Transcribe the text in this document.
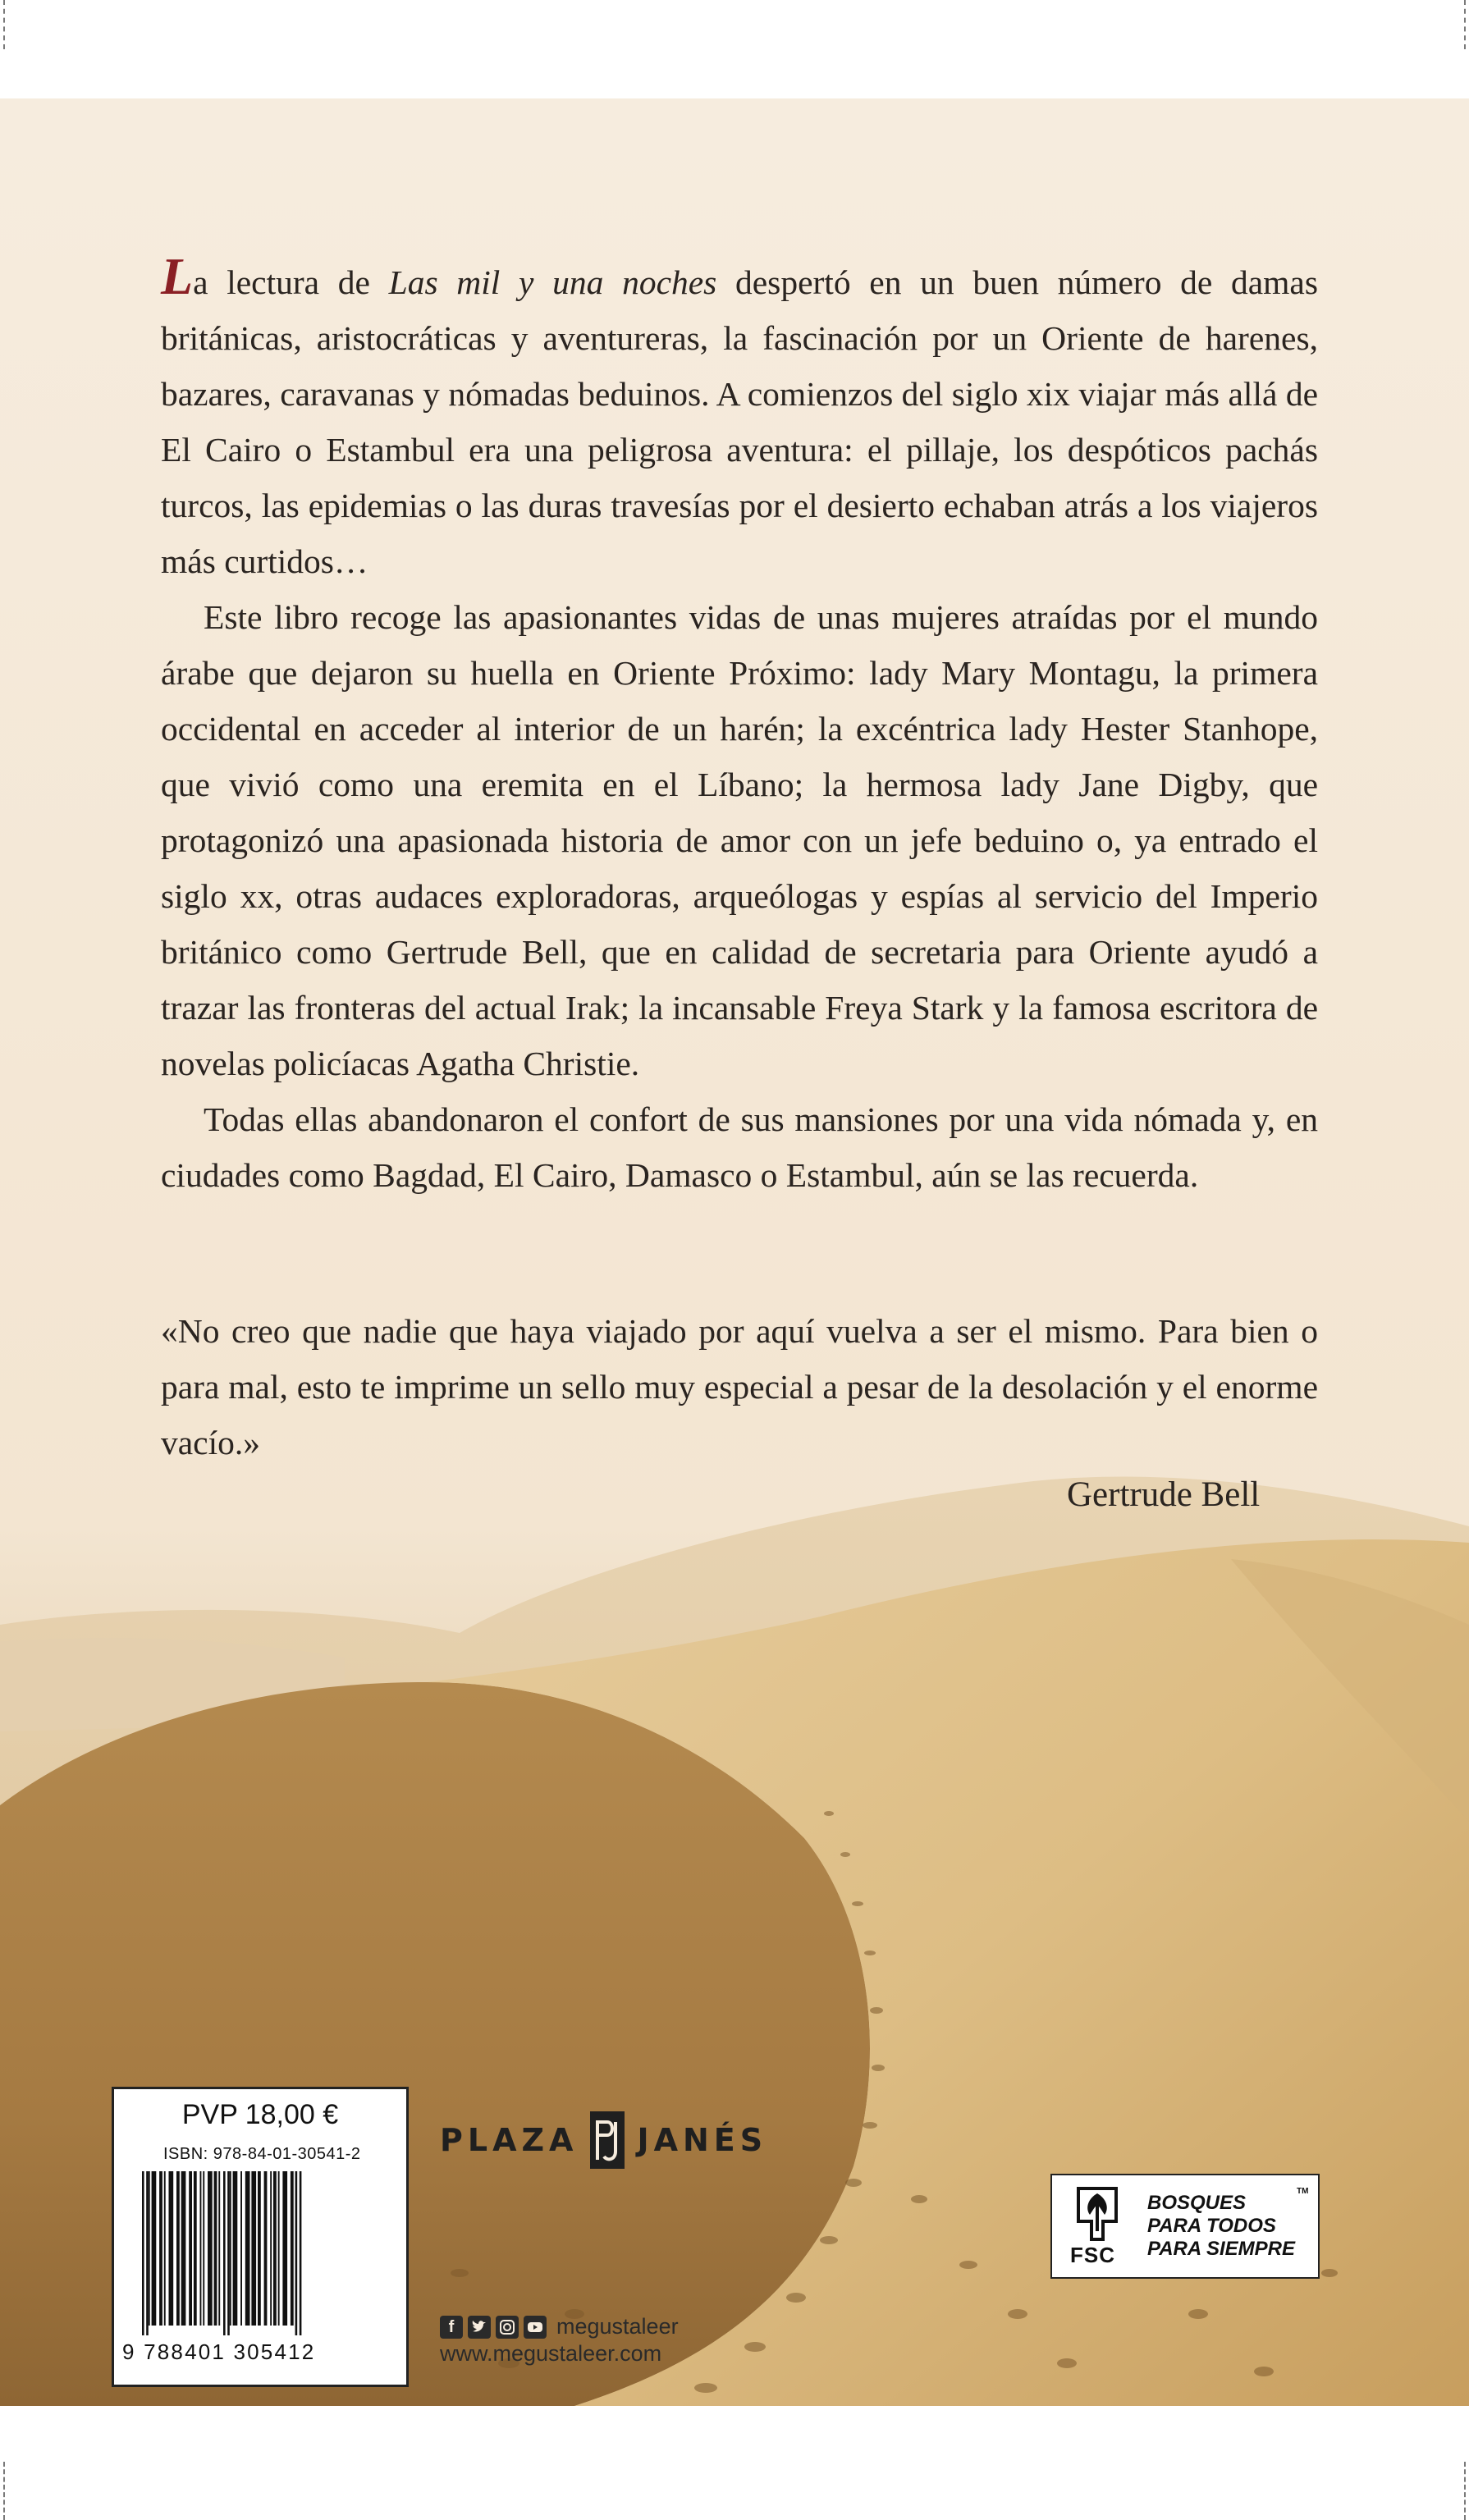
La lectura de Las mil y una noches despertó en un buen número de damas británicas, aristocráticas y aventureras, la fascinación por un Oriente de harenes, bazares, caravanas y nómadas beduinos. A comienzos del siglo xix viajar más allá de El Cairo o Estambul era una peligrosa aventura: el pillaje, los despóticos pachás turcos, las epidemias o las duras travesías por el desierto echaban atrás a los viajeros más curtidos…

Este libro recoge las apasionantes vidas de unas mujeres atraídas por el mundo árabe que dejaron su huella en Oriente Próximo: lady Mary Montagu, la primera occidental en acceder al interior de un harén; la excéntrica lady Hester Stanhope, que vivió como una eremita en el Líbano; la hermosa lady Jane Digby, que protagonizó una apasionada historia de amor con un jefe beduino o, ya entrado el siglo xx, otras audaces exploradoras, arqueólogas y espías al servicio del Imperio británico como Gertrude Bell, que en calidad de secretaria para Oriente ayudó a trazar las fronteras del actual Irak; la incansable Freya Stark y la famosa escritora de novelas policíacas Agatha Christie.

Todas ellas abandonaron el confort de sus mansiones por una vida nómada y, en ciudades como Bagdad, El Cairo, Damasco o Estambul, aún se las recuerda.

«No creo que nadie que haya viajado por aquí vuelva a ser el mismo. Para bien o para mal, esto te imprime un sello muy especial a pesar de la desolación y el enorme vacío.»

Gertrude Bell
PVP 18,00 €
ISBN: 978-84-01-30541-2
9 788401 305412
PLAZA JANÉS
f	megustaleer
www.megustaleer.com
FSC
BOSQUES
PARA TODOS
PARA SIEMPRE
TM
